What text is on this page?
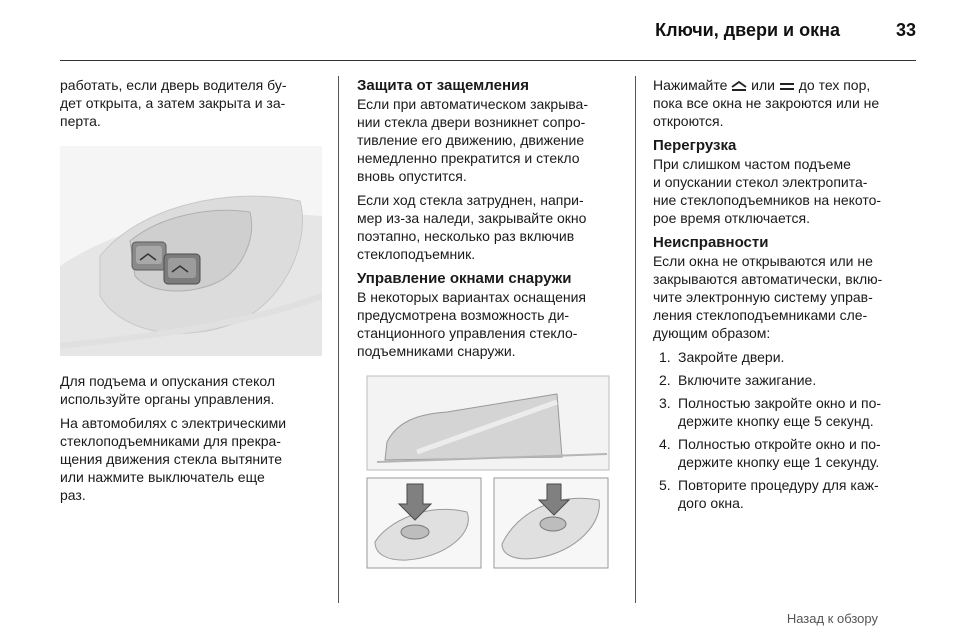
Ключи, двери и окна	33

работать, если дверь водителя бу-
дет открыта, а затем закрыта и за-
перта.

Для подъема и опускания стекол
используйте органы управления.

На автомобилях с электрическими
стеклоподъемниками для прекра-
щения движения стекла вытяните
или нажмите выключатель еще
раз.

Защита от защемления

Если при автоматическом закрыва-
нии стекла двери возникнет сопро-
тивление его движению, движение
немедленно прекратится и стекло
вновь опустится.

Если ход стекла затруднен, напри-
мер из-за наледи, закрывайте окно
поэтапно, несколько раз включив
стеклоподъемник.

Управление окнами снаружи

В некоторых вариантах оснащения
предусмотрена возможность ди-
станционного управления стекло-
подъемниками снаружи.

Нажимайте или до тех пор,
пока все окна не закроются или не
откроются.

Перегрузка

При слишком частом подъеме
и опускании стекол электропита-
ние стеклоподъемников на некото-
рое время отключается.

Неисправности

Если окна не открываются или не
закрываются автоматически, вклю-
чите электронную систему управ-
ления стеклоподъемниками сле-
дующим образом:

1. Закройте двери.
2. Включите зажигание.
3. Полностью закройте окно и по-
держите кнопку еще 5 секунд.
4. Полностью откройте окно и по-
держите кнопку еще 1 секунду.
5. Повторите процедуру для каж-
дого окна.
Назад к обзору
